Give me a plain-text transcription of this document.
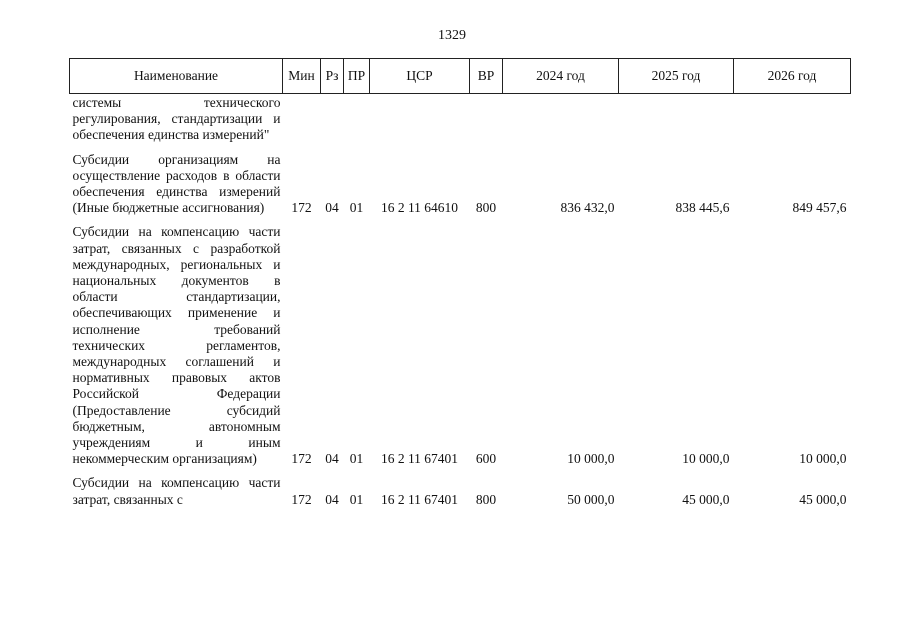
1329
Наименование	Мин	Рз	ПР	ЦСР	ВР	2024 год	2025 год	2026 год
системы технического регулирования, стандартизации и обеспечения единства измерений"								

Субсидии организациям на осуществление расходов в области обеспечения единства измерений (Иные бюджетные ассигнования)	172	04	01	16 2 11 64610	800	836 432,0	838 445,6	849 457,6

Субсидии на компенсацию части затрат, связанных с разработкой международных, региональных и национальных документов в области стандартизации, обеспечивающих применение и исполнение требований технических регламентов, международных соглашений и нормативных правовых актов Российской Федерации (Предоставление субсидий бюджетным, автономным учреждениям и иным некоммерческим организациям)	172	04	01	16 2 11 67401	600	10 000,0	10 000,0	10 000,0

Субсидии на компенсацию части затрат, связанных с	172	04	01	16 2 11 67401	800	50 000,0	45 000,0	45 000,0
